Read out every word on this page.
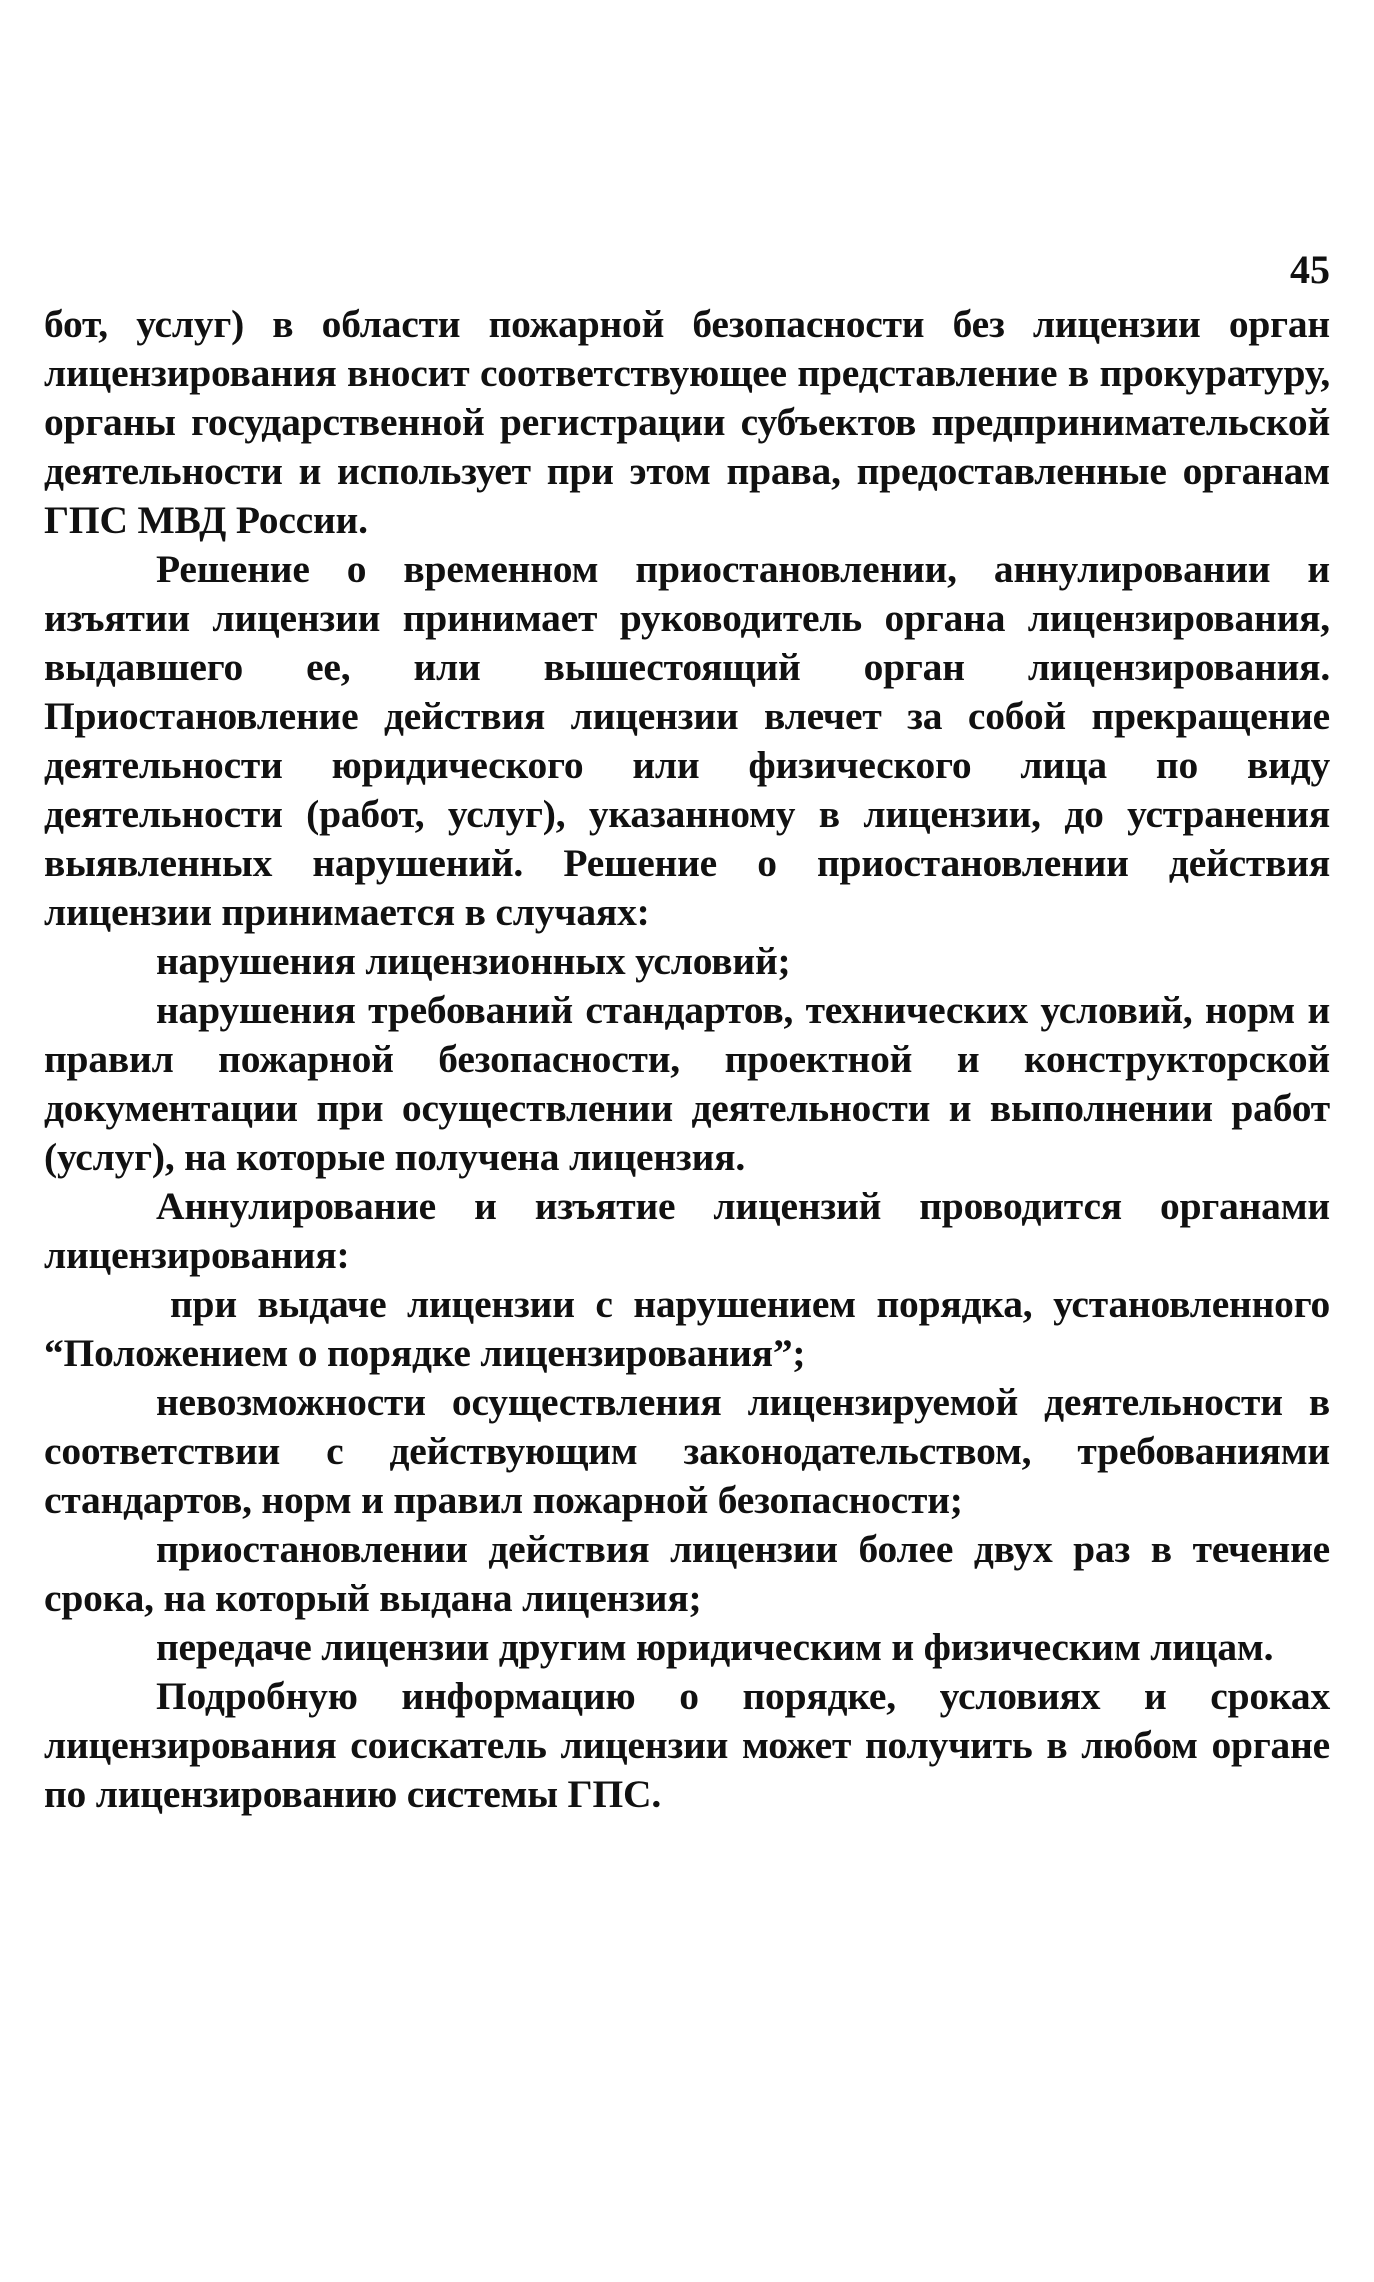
45

бот, услуг) в области пожарной безопасности без лицензии орган лицензирования вносит соответствующее представление в прокуратуру, органы государственной регистрации субъектов предпринимательской деятельности и использует при этом права, предоставленные органам ГПС МВД России.

Решение о временном приостановлении, аннулировании и изъятии лицензии принимает руководитель органа лицензирования, выдавшего ее, или вышестоящий орган лицензирования. Приостановление действия лицензии влечет за собой прекращение деятельности юридического или физического лица по виду деятельности (работ, услуг), указанному в лицензии, до устранения выявленных нарушений. Решение о приостановлении действия лицензии принимается в случаях:

нарушения лицензионных условий;

нарушения требований стандартов, технических условий, норм и правил пожарной безопасности, проектной и конструкторской документации при осуществлении деятельности и выполнении работ (услуг), на которые получена лицензия.

Аннулирование и изъятие лицензий проводится органами лицензирования:

при выдаче лицензии с нарушением порядка, установленного “Положением о порядке лицензирования”;

невозможности осуществления лицензируемой деятельности в соответствии с действующим законодательством, требованиями стандартов, норм и правил пожарной безопасности;

приостановлении действия лицензии более двух раз в течение срока, на который выдана лицензия;

передаче лицензии другим юридическим и физическим лицам.

Подробную информацию о порядке, условиях и сроках лицензирования соискатель лицензии может получить в любом органе по лицензированию системы ГПС.
